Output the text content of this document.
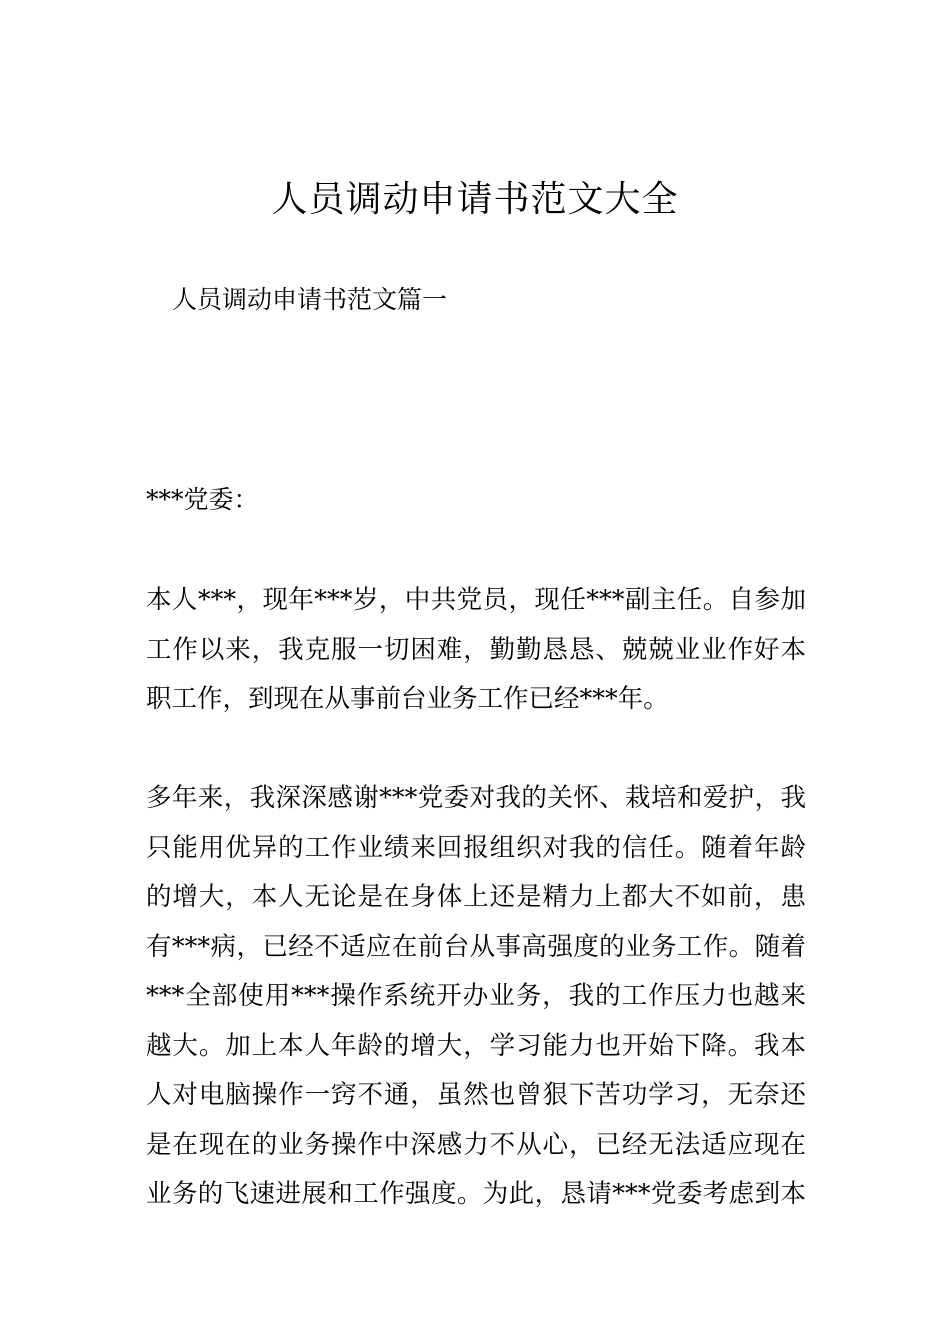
人员调动申请书范文大全

人员调动申请书范文篇一

***党委：

本人***，现年***岁，中共党员，现任***副主任。自参加
工作以来，我克服一切困难，勤勤恳恳、兢兢业业作好本
职工作，到现在从事前台业务工作已经***年。

多年来，我深深感谢***党委对我的关怀、栽培和爱护，我
只能用优异的工作业绩来回报组织对我的信任。随着年龄
的增大，本人无论是在身体上还是精力上都大不如前，患
有***病，已经不适应在前台从事高强度的业务工作。随着
***全部使用***操作系统开办业务，我的工作压力也越来
越大。加上本人年龄的增大，学习能力也开始下降。我本
人对电脑操作一窍不通，虽然也曾狠下苦功学习，无奈还
是在现在的业务操作中深感力不从心，已经无法适应现在
业务的飞速进展和工作强度。为此，恳请***党委考虑到本
